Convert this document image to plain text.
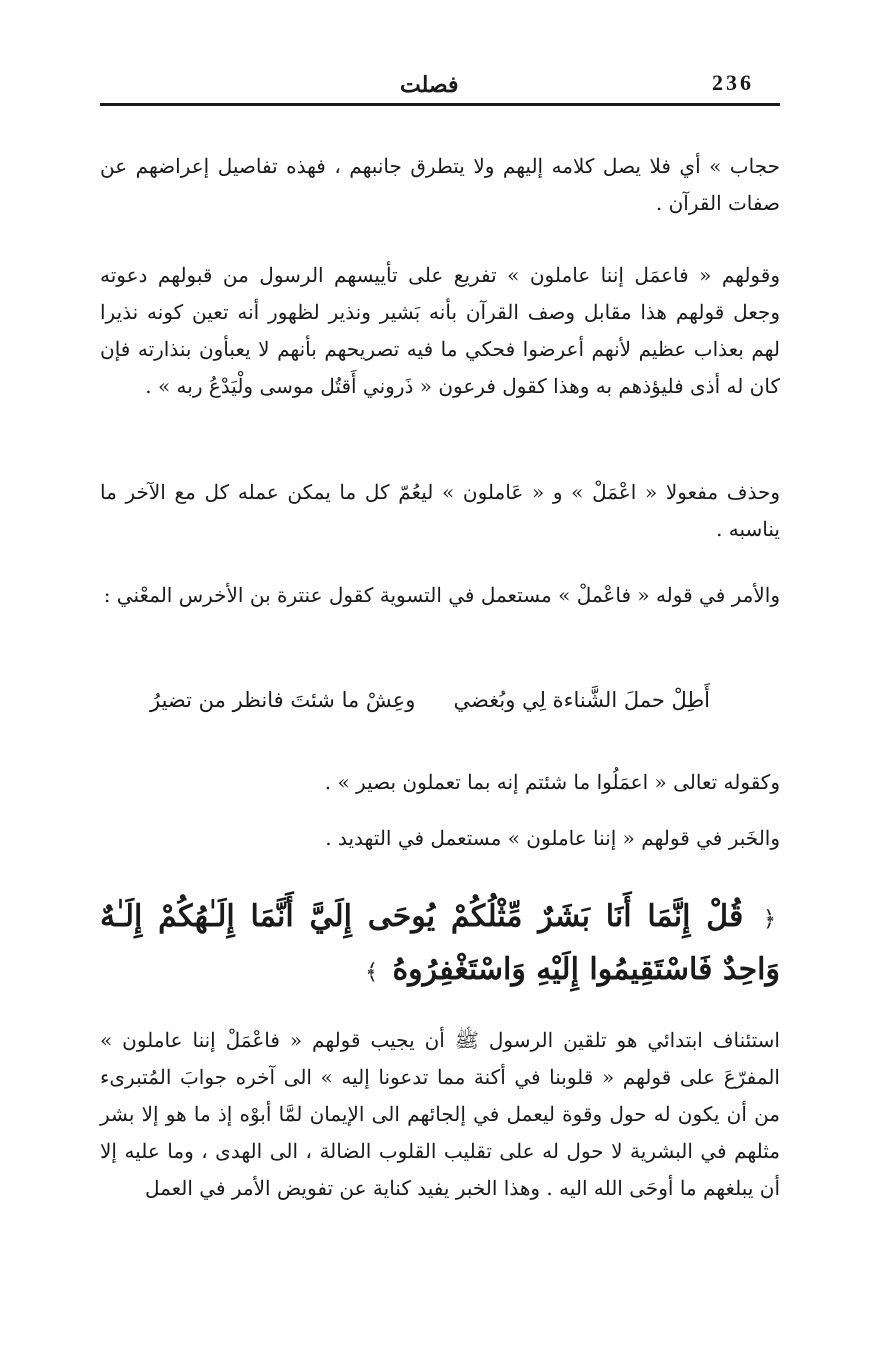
236
فصلت

حجاب » أي فلا يصل كلامه إليهم ولا يتطرق جانبهم ، فهذه تفاصيل إعراضهم عن صفات القرآن .

وقولهم « فاعمَل إننا عاملون » تفريع على تأييسهم الرسول من قبولهم دعوته وجعل قولهم هذا مقابل وصف القرآن بأنه بَشير ونذير لظهور أنه تعين كونه نذيرا لهم بعذاب عظيم لأنهم أعرضوا فحكي ما فيه تصريحهم بأنهم لا يعبأون بنذارته فإن كان له أذى فليؤذهم به وهذا كقول فرعون « ذَروني أَقتُل موسى ولْيَدْعُ ربه » .

وحذف مفعولا « اعْمَلْ » و « عَاملون » ليعُمّ كل ما يمكن عمله كل مع الآخر ما يناسبه .

والأمر في قوله « فاعْملْ » مستعمل في التسوية كقول عنترة بن الأخرس المعْني :

أَطِلْ حملَ الشَّناءة لِي وبُغضي
وعِشْ ما شئتَ فانظر من تضيرُ

وكقوله تعالى « اعمَلُوا ما شئتم إنه بما تعملون بصير » .

والخَبر في قولهم « إننا عاملون » مستعمل في التهديد .

﴿ قُلْ إِنَّمَا أَنَا بَشَرٌ مِّثْلُكُمْ يُوحَى إِلَيَّ أَنَّمَا إِلَـٰهُكُمْ إِلَـٰهٌ وَاحِدٌ فَاسْتَقِيمُوا إِلَيْهِ وَاسْتَغْفِرُوهُ ﴾

استئناف ابتدائي هو تلقين الرسول ﷺ أن يجيب قولهم « فاعْمَلْ إننا عاملون » المفرّعَ على قولهم « قلوبنا في أكنة مما تدعونا إليه » الى آخره جوابَ المُتبرىء من أن يكون له حول وقوة ليعمل في إلجائهم الى الإيمان لمَّا أبوْه إذ ما هو إلا بشر مثلهم في البشرية لا حول له على تقليب القلوب الضالة ، الى الهدى ، وما عليه إلا أن يبلغهم ما أوحَى الله اليه . وهذا الخبر يفيد كناية عن تفويض الأمر في العمل
